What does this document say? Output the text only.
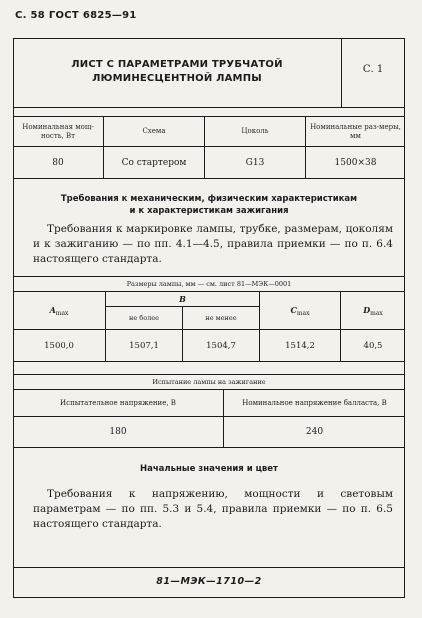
С. 58 ГОСТ 6825—91
ЛИСТ С ПАРАМЕТРАМИ ТРУБЧАТОЙ
ЛЮМИНЕСЦЕНТНОЙ ЛАМПЫ
С. 1
Номинальная мощ-ность, Вт	Схема	Цоколь	Номинальные раз-меры, мм
80	Со стартером	G13	1500×38
Требования к механическим, физическим характеристикам
и к характеристикам зажигания
Требования к маркировке лампы, трубке, размерам, цоколям и к зажиганию — по пп. 4.1—4.5, правила приемки — по п. 6.4 настоящего стандарта.
Размеры лампы, мм — см. лист 81—МЭК—0001				
$A_{max}$	B		$C_{max}$	$D_{max}$
	не более	не менее		
1500,0	1507,1	1504,7	1514,2	40,5
Испытание лампы на зажигание	
Испытательное напряжение, В	Номинальное напряжение балласта, В
180	240
Начальные значения и цвет
Требования к напряжению, мощности и световым параметрам — по пп. 5.3 и 5.4, правила приемки — по п. 6.5 настоящего стандарта.
81—МЭК—1710—2
